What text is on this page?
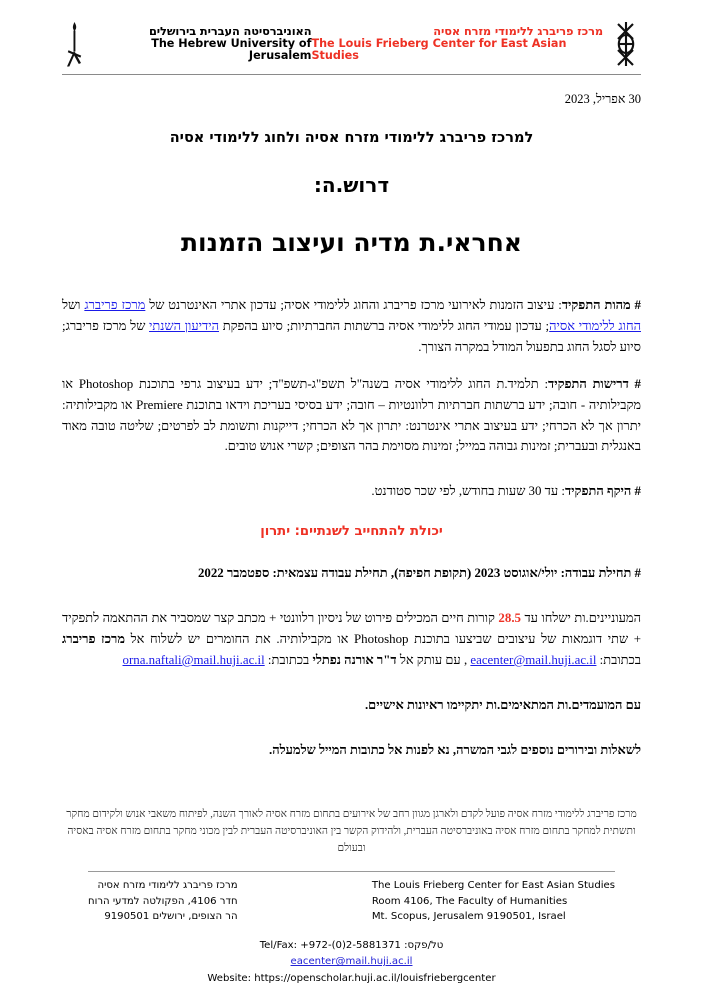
מרכז פריברג ללימודי מזרח אסיה
The Louis Frieberg Center for East Asian Studies
האוניברסיטה העברית בירושלים
The Hebrew University of Jerusalem
30 אפריל, 2023
למרכז פריברג ללימודי מזרח אסיה ולחוג ללימודי אסיה
דרוש.ה:
אחראי.ת מדיה ועיצוב הזמנות

# מהות התפקיד: עיצוב הזמנות לאירועי מרכז פריברג והחוג ללימודי אסיה; עדכון אתרי האינטרנט של מרכז פריברג ושל החוג ללימודי אסיה; עדכון עמודי החוג ללימודי אסיה ברשתות החברתיות; סיוע בהפקת הידיעון השנתי של מרכז פריברג; סיוע לסגל החוג בתפעול המודל במקרה הצורך.

# דרישות התפקיד: תלמיד.ת החוג ללימודי אסיה בשנה"ל תשפ"ג-תשפ"ד; ידע בעיצוב גרפי בתוכנת Photoshop או מקבילותיה - חובה; ידע ברשתות חברתיות רלוונטיות – חובה; ידע בסיסי בעריכת וידאו בתוכנת Premiere או מקבילותיה: יתרון אך לא הכרחי; ידע בעיצוב אתרי אינטרנט: יתרון אך לא הכרחי; דייקנות ותשומת לב לפרטים; שליטה טובה מאוד באנגלית ובעברית; זמינות גבוהה במייל; זמינות מסוימת בהר הצופים; קשרי אנוש טובים.

# היקף התפקיד: עד 30 שעות בחודש, לפי שכר סטודנט.

יכולת להתחייב לשנתיים: יתרון

# תחילת עבודה: יולי/אוגוסט 2023 (תקופת חפיפה), תחילת עבודה עצמאית: ספטמבר 2022

המעוניינים.ות ישלחו עד 28.5 קורות חיים המכילים פירוט של ניסיון רלוונטי + מכתב קצר שמסביר את ההתאמה לתפקיד + שתי דוגמאות של עיצובים שביצעו בתוכנת Photoshop או מקבילותיה. את החומרים יש לשלוח אל מרכז פריברג בכתובת: eacenter@mail.huji.ac.il , עם עותק אל ד"ר אורנה נפתלי בכתובת: orna.naftali@mail.huji.ac.il

עם המועמדים.ות המתאימים.ות יתקיימו ראיונות אישיים.

לשאלות ובירורים נוספים לגבי המשרה, נא לפנות אל כתובות המייל שלמעלה.

מרכז פריברג ללימודי מזרח אסיה פועל לקדם ולארגן מגוון רחב של אירועים בתחום מזרח אסיה לאורך השנה, לפיתוח משאבי אנוש ולקידום מחקר ותשתית למחקר בתחום מזרח אסיה באוניברסיטה העברית, ולהידוק הקשר בין האוניברסיטה העברית לבין מכוני מחקר בתחום מזרח אסיה באסיה ובעולם
The Louis Frieberg Center for East Asian Studies
Room 4106, The Faculty of Humanities
Mt. Scopus, Jerusalem 9190501, Israel
מרכז פריברג ללימודי מזרח אסיה
חדר 4106, הפקולטה למדעי הרוח
הר הצופים, ירושלים 9190501
טל/פקס: Tel/Fax: +972-(0)2-5881371
eacenter@mail.huji.ac.il
Website: https://openscholar.huji.ac.il/louisfriebergcenter
